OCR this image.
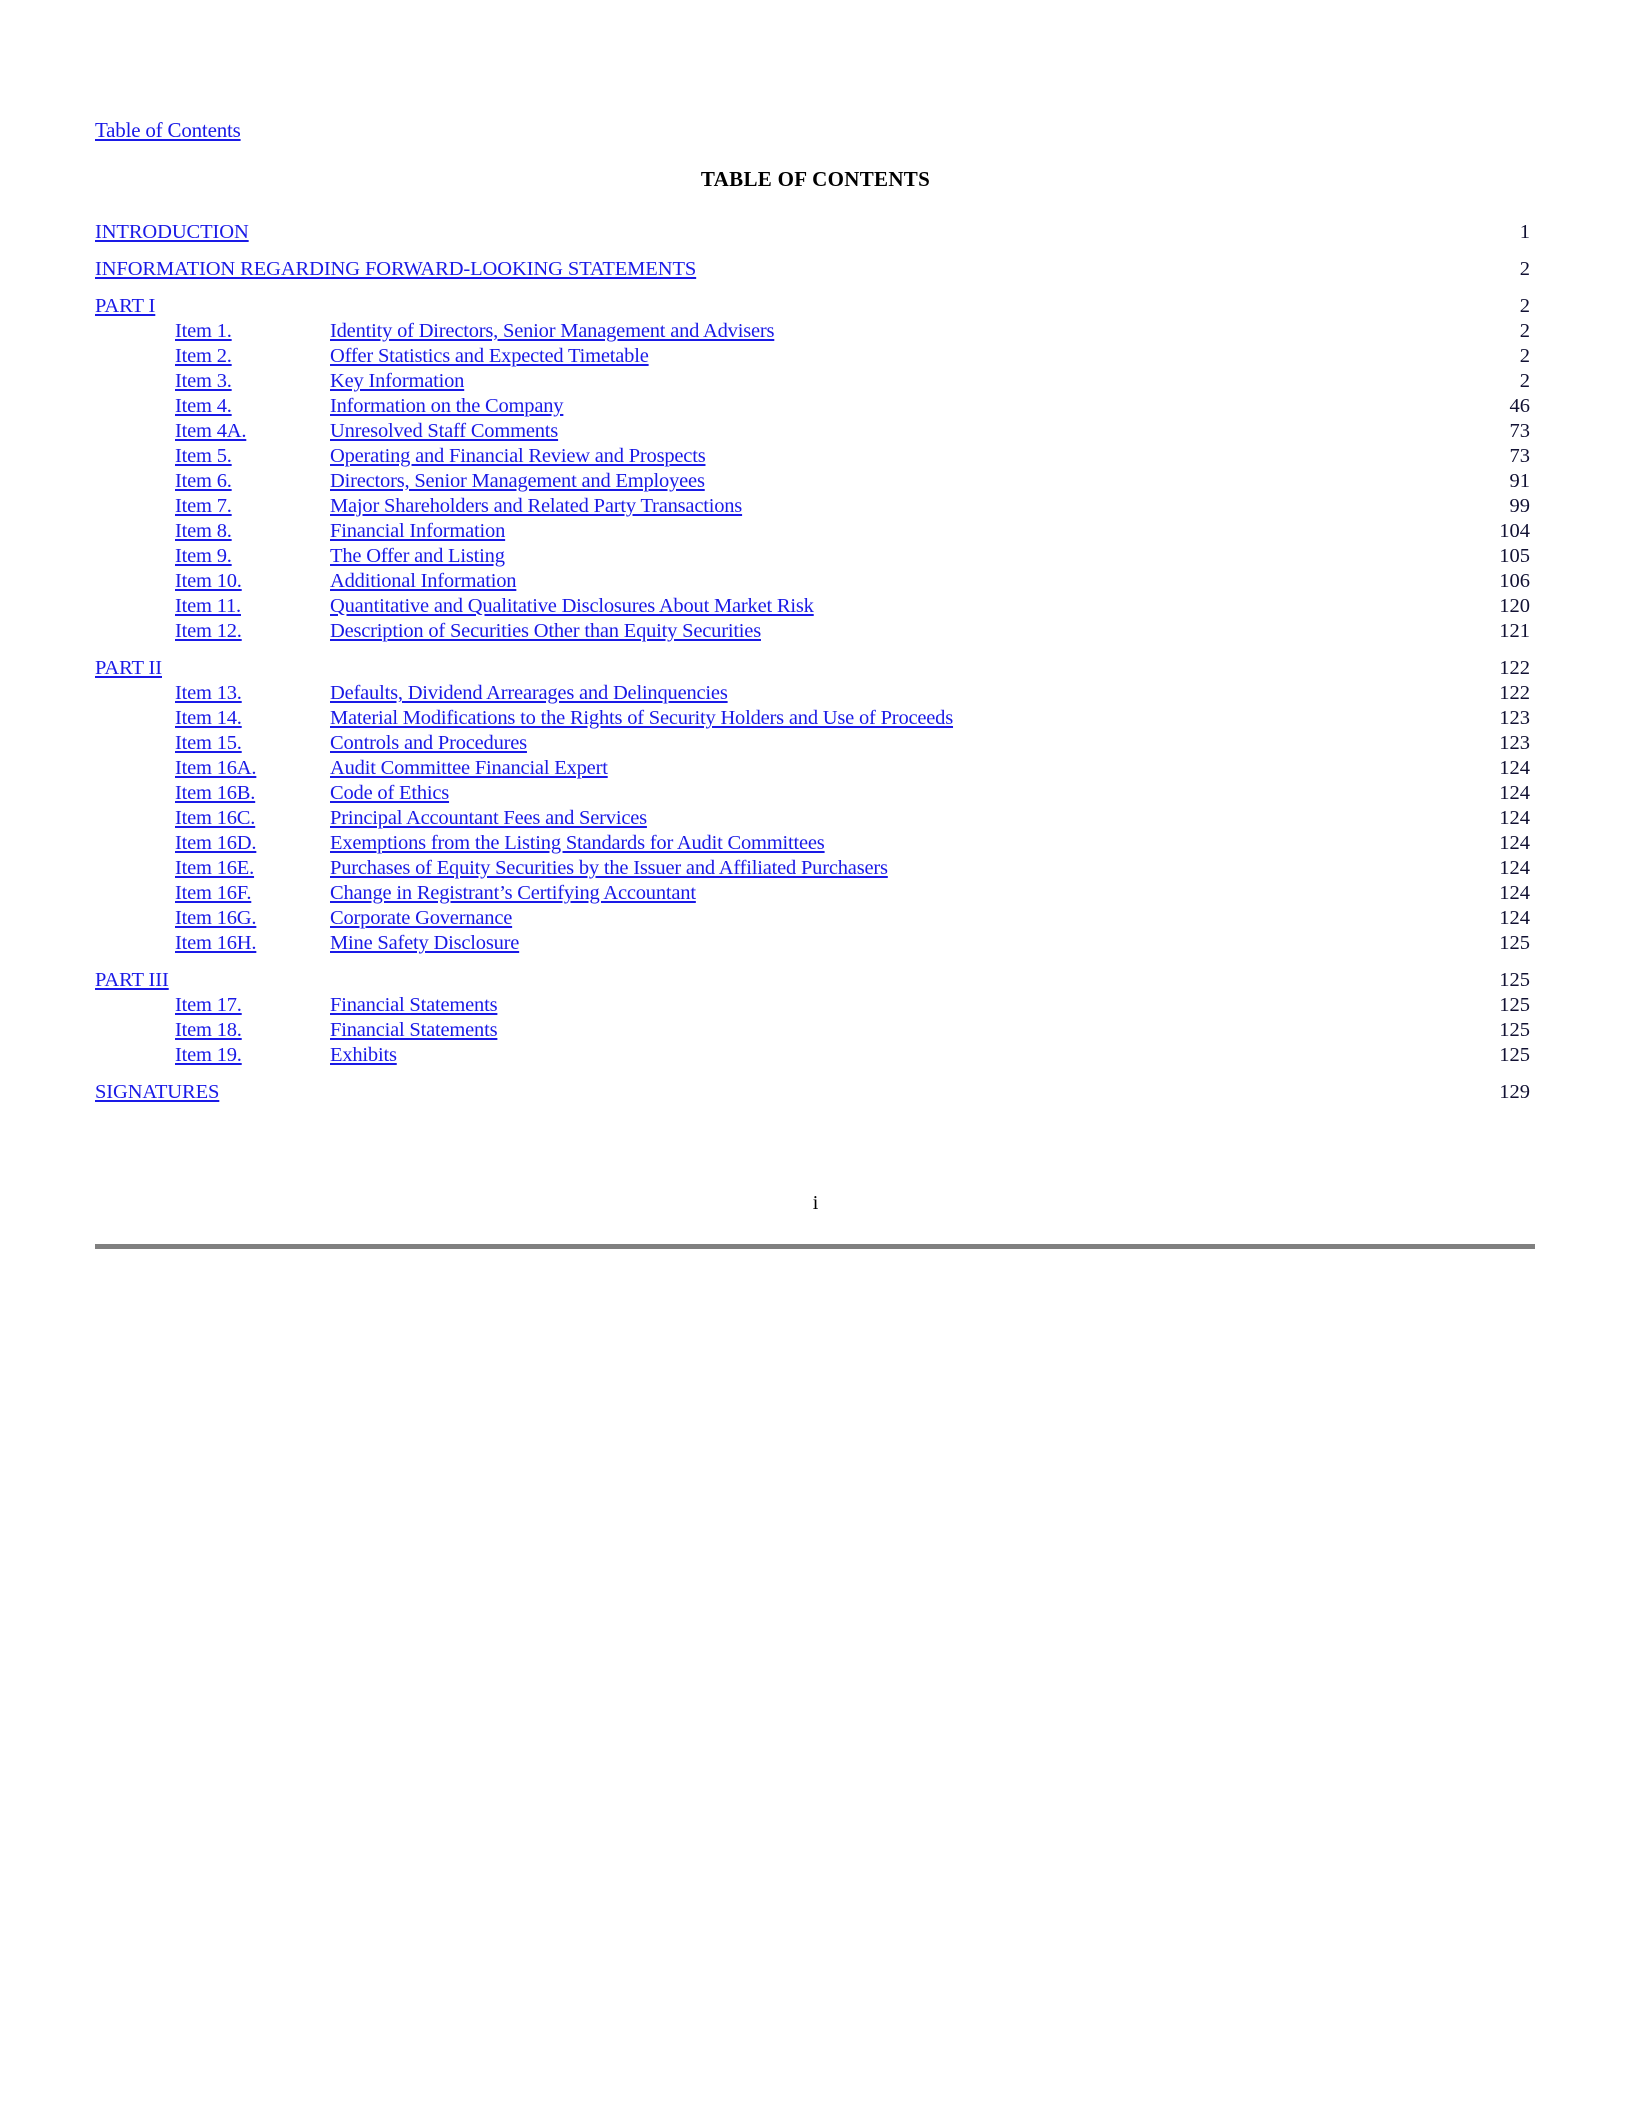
Table of Contents
TABLE OF CONTENTS
INTRODUCTION		1

INFORMATION REGARDING FORWARD-LOOKING STATEMENTS		2

PART I		2
Item 1.	Identity of Directors, Senior Management and Advisers	2
Item 2.	Offer Statistics and Expected Timetable	2
Item 3.	Key Information	2
Item 4.	Information on the Company	46
Item 4A.	Unresolved Staff Comments	73
Item 5.	Operating and Financial Review and Prospects	73
Item 6.	Directors, Senior Management and Employees	91
Item 7.	Major Shareholders and Related Party Transactions	99
Item 8.	Financial Information	104
Item 9.	The Offer and Listing	105
Item 10.	Additional Information	106
Item 11.	Quantitative and Qualitative Disclosures About Market Risk	120
Item 12.	Description of Securities Other than Equity Securities	121

PART II		122
Item 13.	Defaults, Dividend Arrearages and Delinquencies	122
Item 14.	Material Modifications to the Rights of Security Holders and Use of Proceeds	123
Item 15.	Controls and Procedures	123
Item 16A.	Audit Committee Financial Expert	124
Item 16B.	Code of Ethics	124
Item 16C.	Principal Accountant Fees and Services	124
Item 16D.	Exemptions from the Listing Standards for Audit Committees	124
Item 16E.	Purchases of Equity Securities by the Issuer and Affiliated Purchasers	124
Item 16F.	Change in Registrant’s Certifying Accountant	124
Item 16G.	Corporate Governance	124
Item 16H.	Mine Safety Disclosure	125

PART III		125
Item 17.	Financial Statements	125
Item 18.	Financial Statements	125
Item 19.	Exhibits	125

SIGNATURES		129
i
